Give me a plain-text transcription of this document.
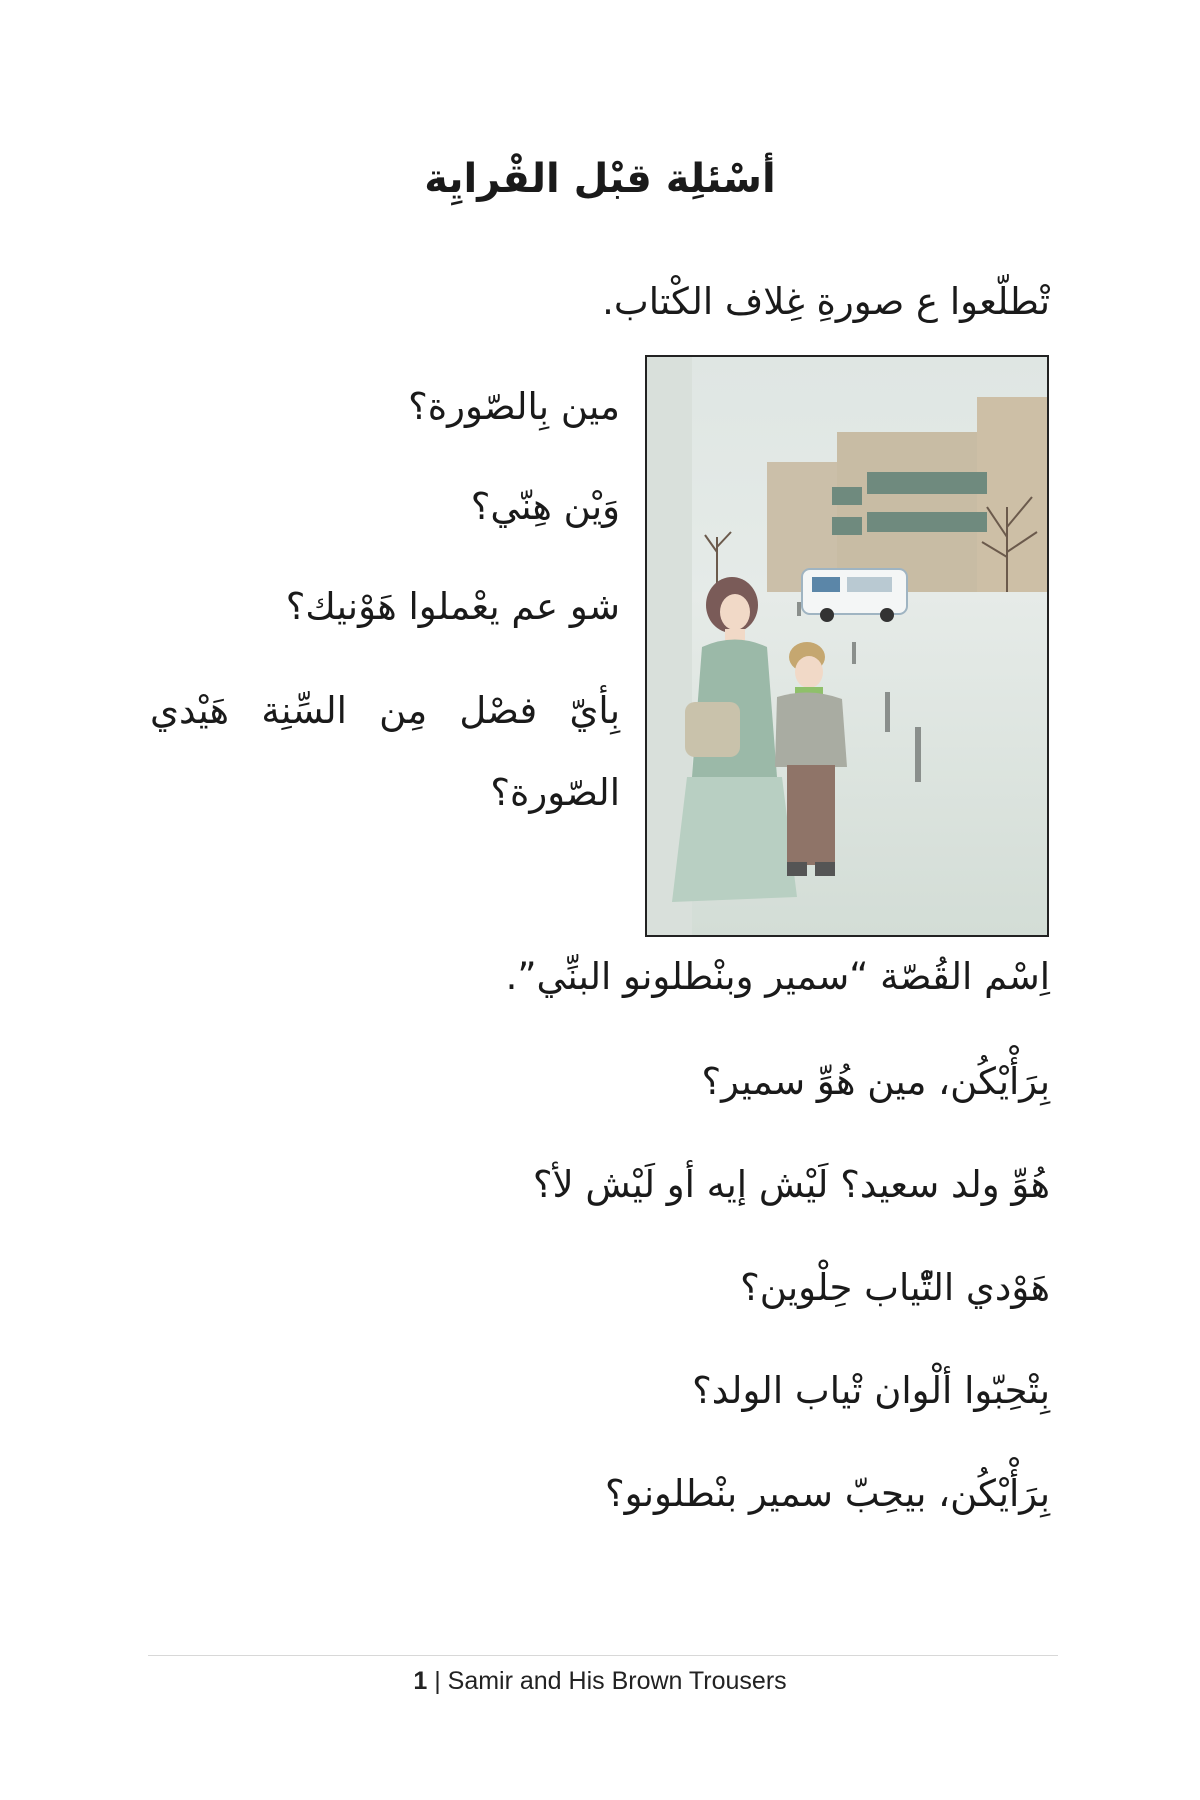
أسْئلِة قبْل القْرايِة

تْطلّعوا ع صورةِ غِلاف الكْتاب.

مين بِالصّورة؟

وَيْن هِنّي؟

شو عم يعْملوا هَوْنيك؟

بِأيّ فصْل مِن السِّنِة هَيْدي الصّورة؟

اِسْم القُصّة “سمير وبنْطلونو البنِّي”.

بِرَأْيْكُن، مين هُوِّ سمير؟

هُوِّ ولد سعيد؟ لَيْش إيه أو لَيْش لأ؟

هَوْدي التّْياب حِلْوين؟

بِتْحِبّوا ألْوان تْياب الولد؟

بِرَأْيْكُن، بيحِبّ سمير بنْطلونو؟

1 | Samir and His Brown Trousers
